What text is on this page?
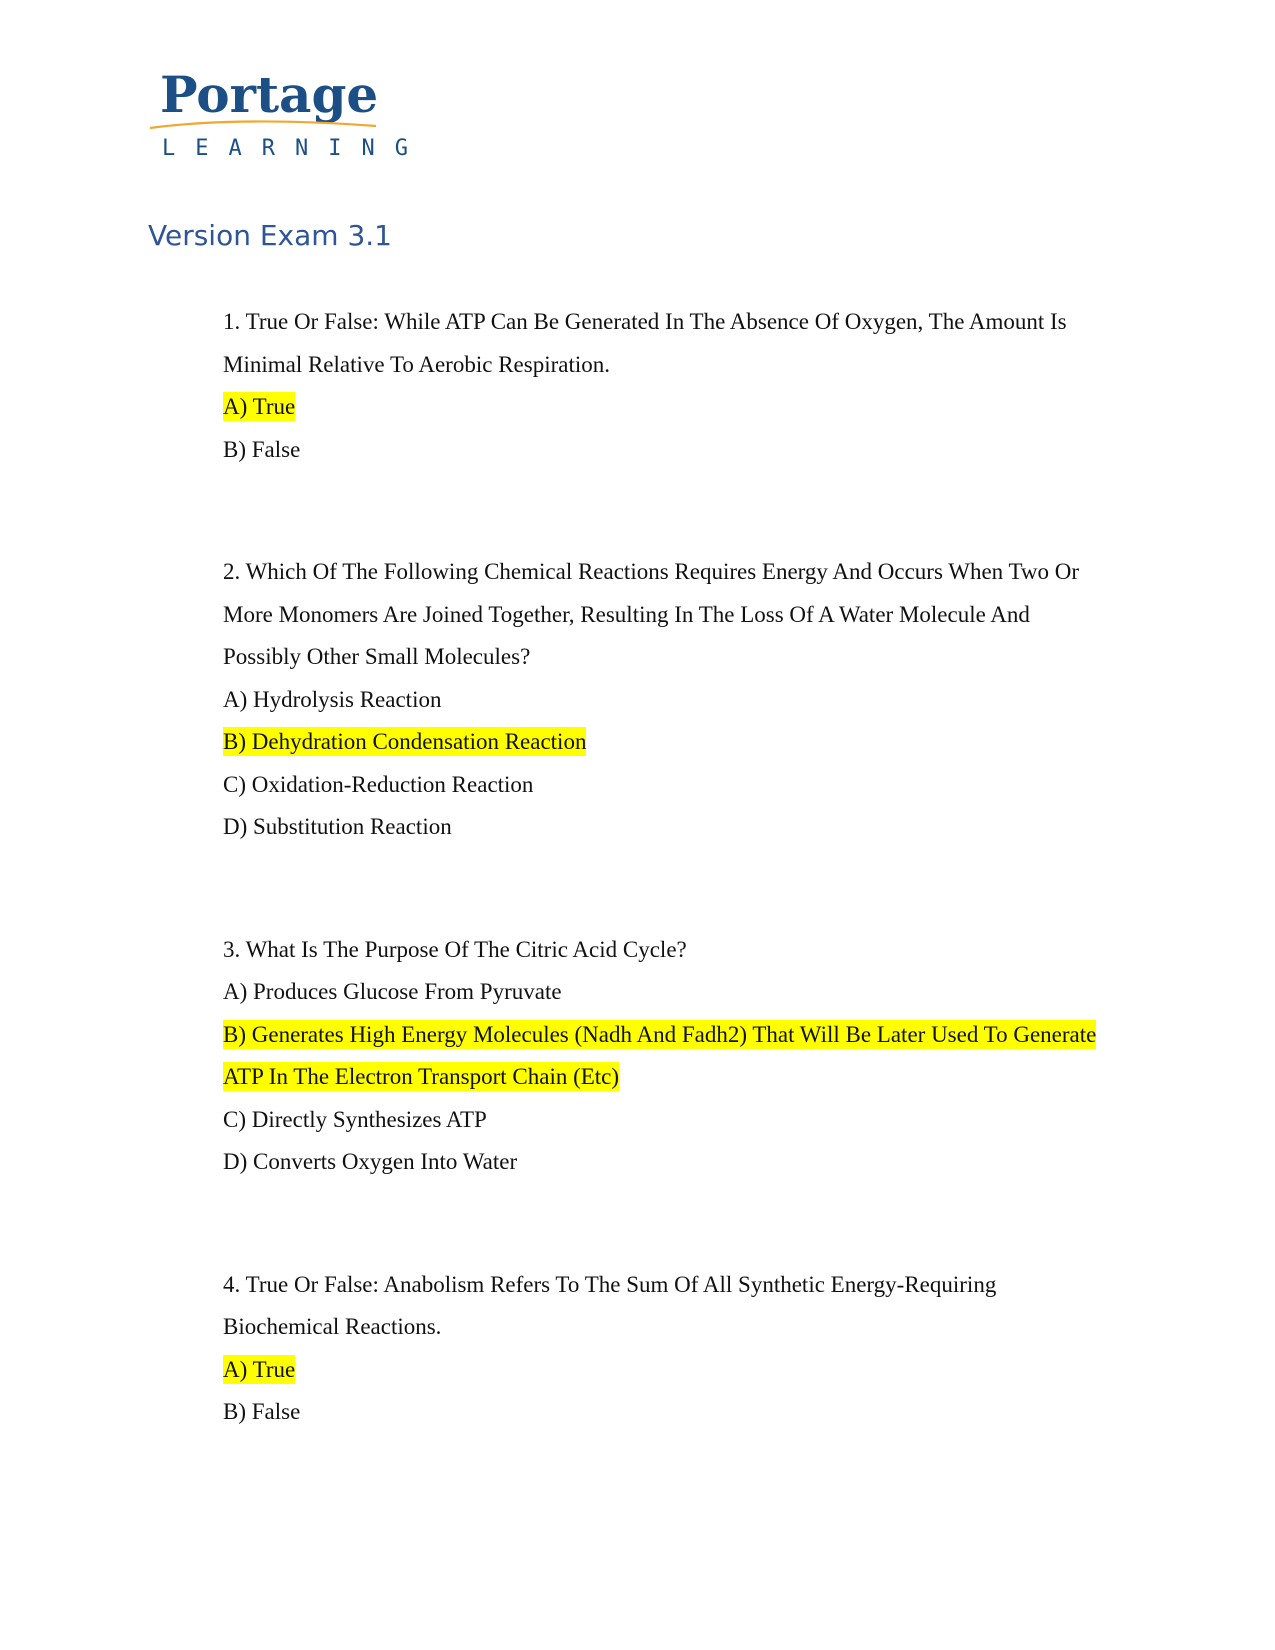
Portage
LEARNING
Version Exam 3.1
1. True Or False: While ATP Can Be Generated In The Absence Of Oxygen, The Amount Is Minimal Relative To Aerobic Respiration.
A) True
B) False
2. Which Of The Following Chemical Reactions Requires Energy And Occurs When Two Or More Monomers Are Joined Together, Resulting In The Loss Of A Water Molecule And Possibly Other Small Molecules?
A) Hydrolysis Reaction
B) Dehydration Condensation Reaction
C) Oxidation-Reduction Reaction
D) Substitution Reaction
3. What Is The Purpose Of The Citric Acid Cycle?
A) Produces Glucose From Pyruvate
B) Generates High Energy Molecules (Nadh And Fadh2) That Will Be Later Used To Generate ATP In The Electron Transport Chain (Etc)
C) Directly Synthesizes ATP
D) Converts Oxygen Into Water
4. True Or False: Anabolism Refers To The Sum Of All Synthetic Energy-Requiring Biochemical Reactions.
A) True
B) False
